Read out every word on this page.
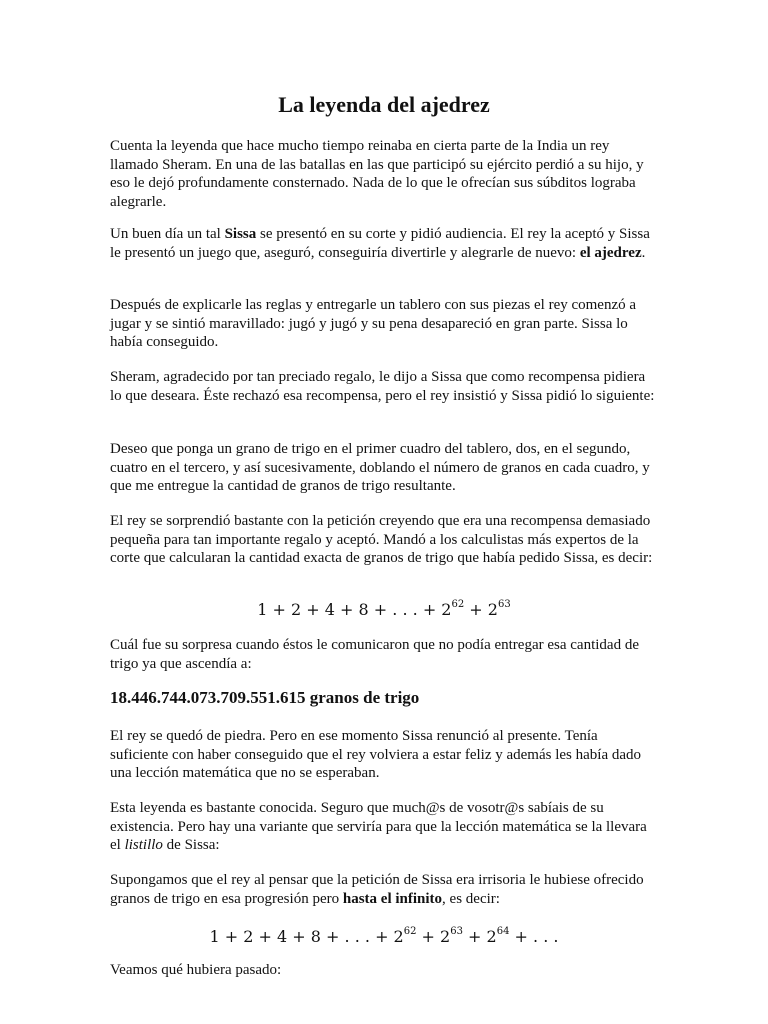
La leyenda del ajedrez
Cuenta la leyenda que hace mucho tiempo reinaba en cierta parte de la India un rey llamado Sheram. En una de las batallas en las que participó su ejército perdió a su hijo, y eso le dejó profundamente consternado. Nada de lo que le ofrecían sus súbditos lograba alegrarle.
Un buen día un tal Sissa se presentó en su corte y pidió audiencia. El rey la aceptó y Sissa le presentó un juego que, aseguró, conseguiría divertirle y alegrarle de nuevo: el ajedrez.
Después de explicarle las reglas y entregarle un tablero con sus piezas el rey comenzó a jugar y se sintió maravillado: jugó y jugó y su pena desapareció en gran parte. Sissa lo había conseguido.
Sheram, agradecido por tan preciado regalo, le dijo a Sissa que como recompensa pidiera lo que deseara. Éste rechazó esa recompensa, pero el rey insistió y Sissa pidió lo siguiente:
Deseo que ponga un grano de trigo en el primer cuadro del tablero, dos, en el segundo, cuatro en el tercero, y así sucesivamente, doblando el número de granos en cada cuadro, y que me entregue la cantidad de granos de trigo resultante.
El rey se sorprendió bastante con la petición creyendo que era una recompensa demasiado pequeña para tan importante regalo y aceptó. Mandó a los calculistas más expertos de la corte que calcularan la cantidad exacta de granos de trigo que había pedido Sissa, es decir:
1 + 2 + 4 + 8 + . . . + $2^{62} + 2^{63}$
Cuál fue su sorpresa cuando éstos le comunicaron que no podía entregar esa cantidad de trigo ya que ascendía a:
18.446.744.073.709.551.615 granos de trigo
El rey se quedó de piedra. Pero en ese momento Sissa renunció al presente. Tenía suficiente con haber conseguido que el rey volviera a estar feliz y además les había dado una lección matemática que no se esperaban.
Esta leyenda es bastante conocida. Seguro que much@s de vosotr@s sabíais de su existencia. Pero hay una variante que serviría para que la lección matemática se la llevara el listillo de Sissa:
Supongamos que el rey al pensar que la petición de Sissa era irrisoria le hubiese ofrecido granos de trigo en esa progresión pero hasta el infinito, es decir:
1 + 2 + 4 + 8 + . . . + $2^{62} + 2^{63} + 2^{64}$ + . . .
Veamos qué hubiera pasado:
